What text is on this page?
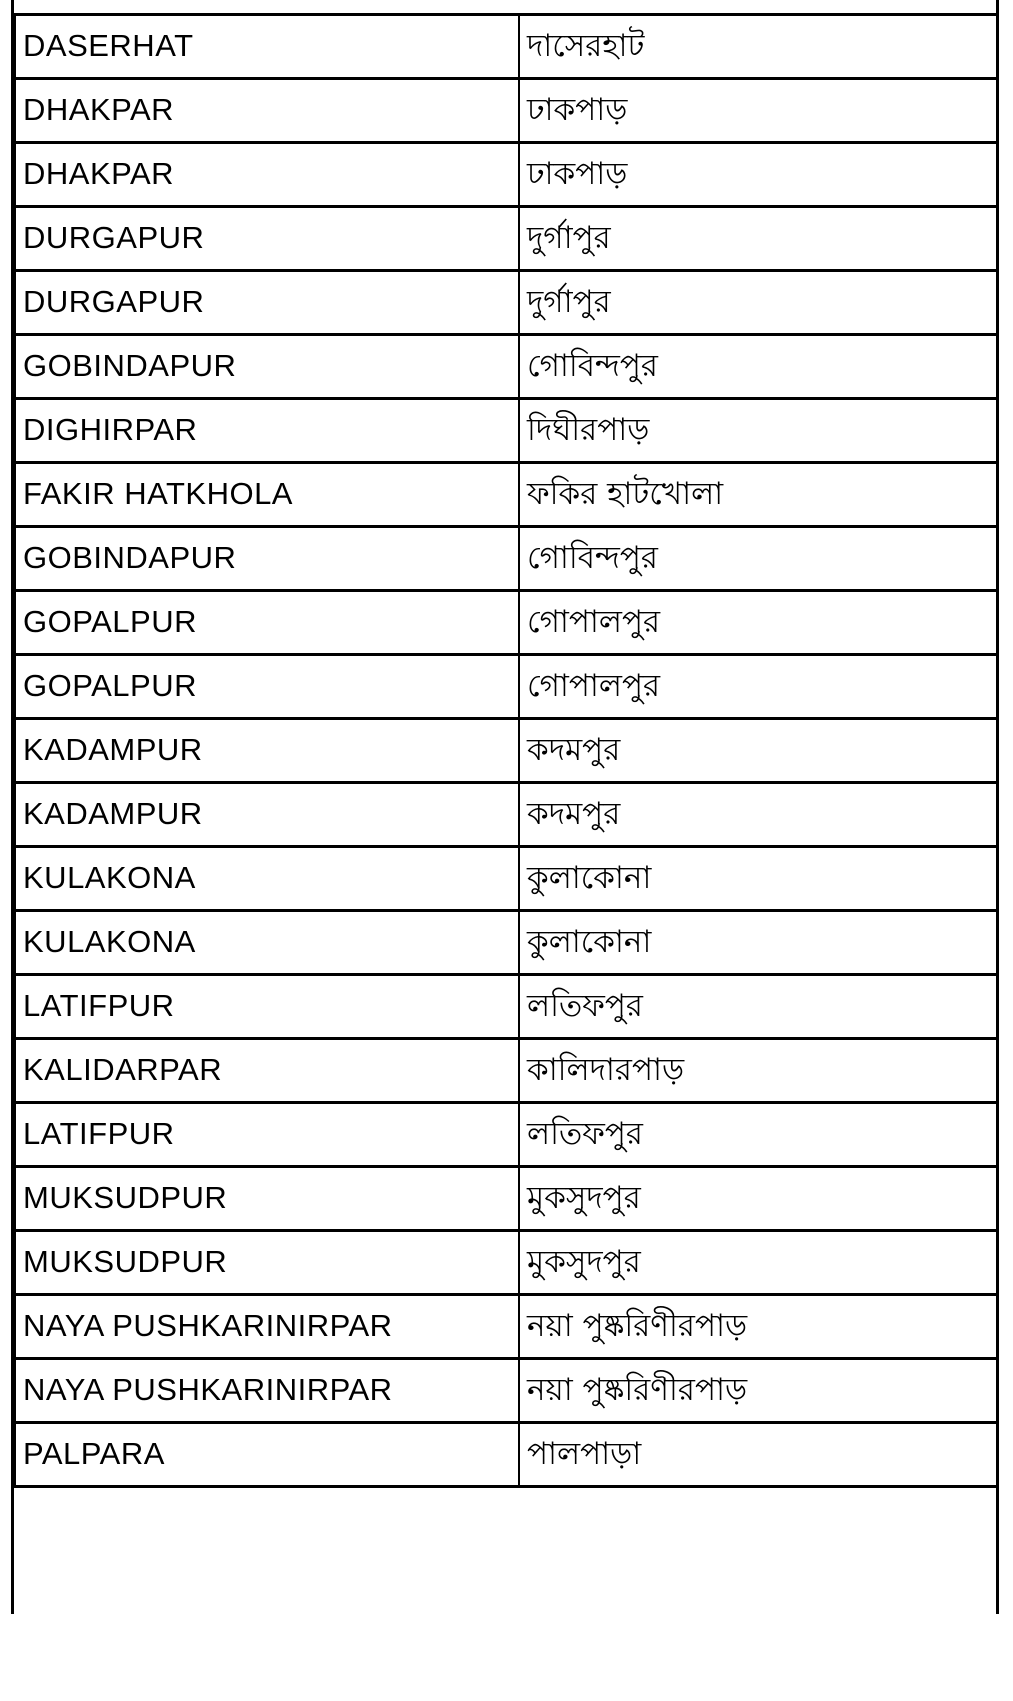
DASERHAT	দাসেরহাট
DHAKPAR	ঢাকপাড়
DHAKPAR	ঢাকপাড়
DURGAPUR	দুর্গাপুর
DURGAPUR	দুর্গাপুর
GOBINDAPUR	গোবিন্দপুর
DIGHIRPAR	দিঘীরপাড়
FAKIR HATKHOLA	ফকির হাটখোলা
GOBINDAPUR	গোবিন্দপুর
GOPALPUR	গোপালপুর
GOPALPUR	গোপালপুর
KADAMPUR	কদমপুর
KADAMPUR	কদমপুর
KULAKONA	কুলাকোনা
KULAKONA	কুলাকোনা
LATIFPUR	লতিফপুর
KALIDARPAR	কালিদারপাড়
LATIFPUR	লতিফপুর
MUKSUDPUR	মুকসুদপুর
MUKSUDPUR	মুকসুদপুর
NAYA PUSHKARINIRPAR	নয়া পুষ্করিণীরপাড়
NAYA PUSHKARINIRPAR	নয়া পুষ্করিণীরপাড়
PALPARA	পালপাড়া
